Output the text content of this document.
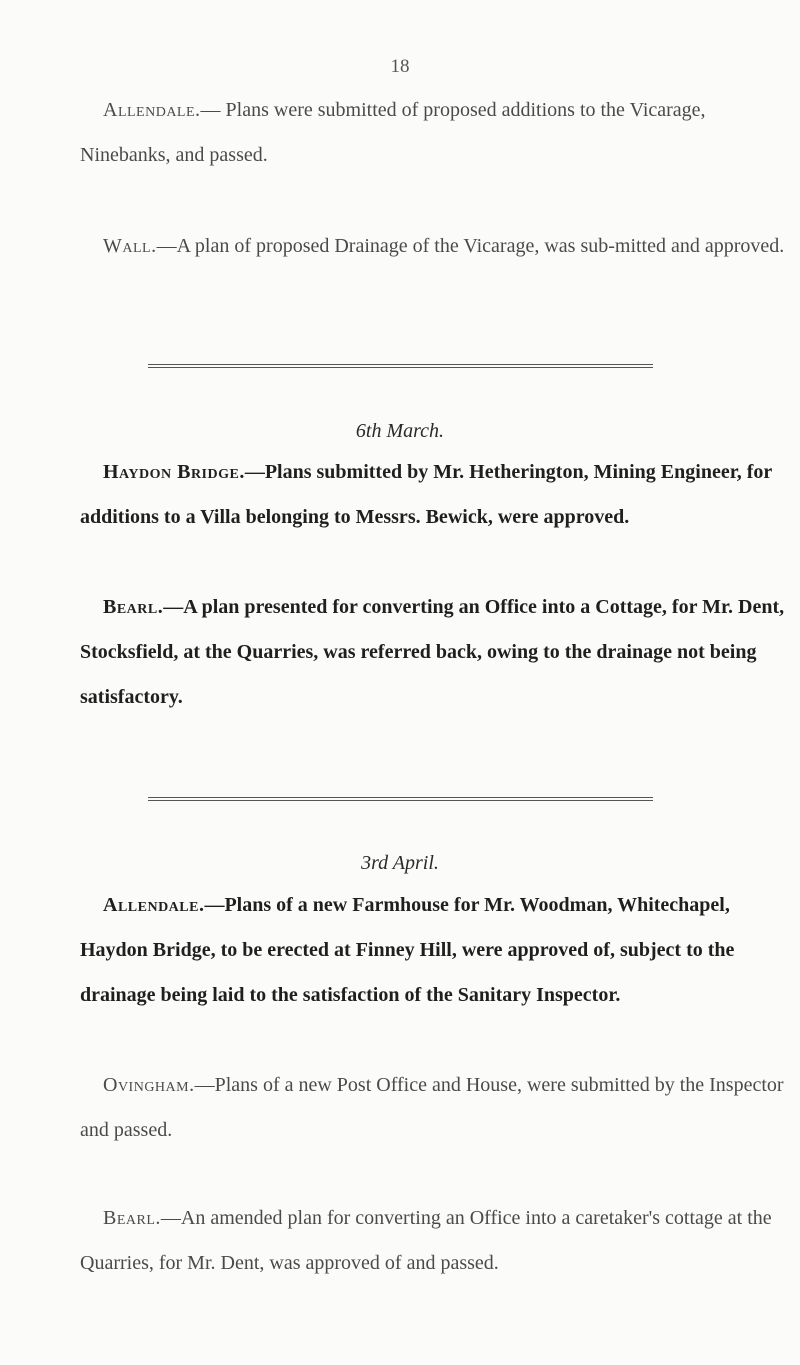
18

Allendale.— Plans were submitted of proposed additions to the Vicarage, Ninebanks, and passed.

Wall.—A plan of proposed Drainage of the Vicarage, was sub-mitted and approved.

6th March.

Haydon Bridge.—Plans submitted by Mr. Hetherington, Mining Engineer, for additions to a Villa belonging to Messrs. Bewick, were approved.

Bearl.—A plan presented for converting an Office into a Cottage, for Mr. Dent, Stocksfield, at the Quarries, was referred back, owing to the drainage not being satisfactory.

3rd April.

Allendale.—Plans of a new Farmhouse for Mr. Woodman, Whitechapel, Haydon Bridge, to be erected at Finney Hill, were approved of, subject to the drainage being laid to the satisfaction of the Sanitary Inspector.

Ovingham.—Plans of a new Post Office and House, were submitted by the Inspector and passed.

Bearl.—An amended plan for converting an Office into a caretaker's cottage at the Quarries, for Mr. Dent, was approved of and passed.
